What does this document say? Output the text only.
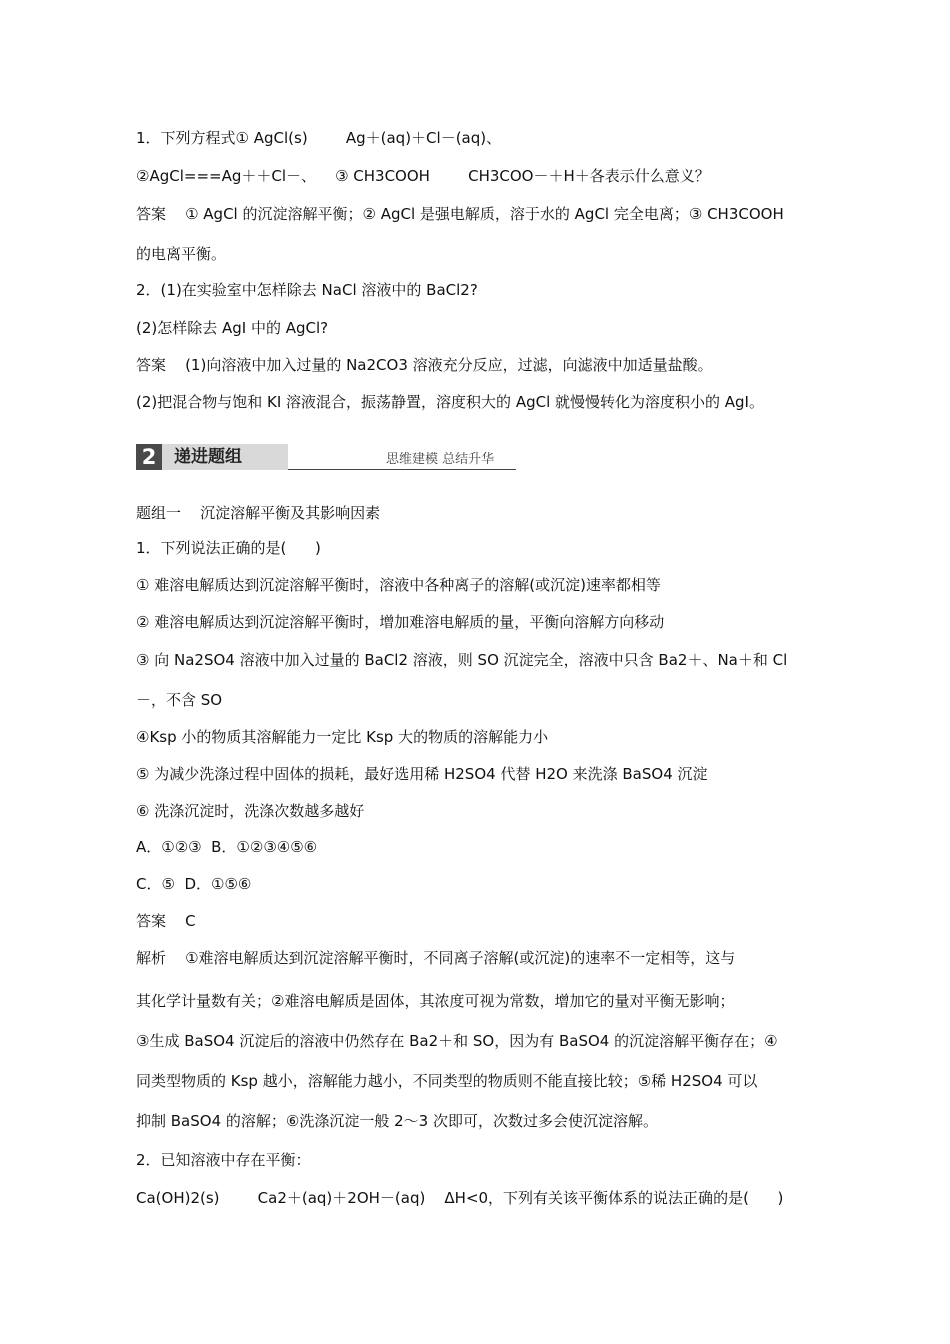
1．下列方程式① AgCl(s)        Ag＋(aq)＋Cl－(aq)、
②AgCl===Ag＋＋Cl－、    ③ CH3COOH        CH3COO－＋H＋各表示什么意义？
答案    ① AgCl 的沉淀溶解平衡；② AgCl 是强电解质，溶于水的 AgCl 完全电离；③ CH3COOH
的电离平衡。
2．(1)在实验室中怎样除去 NaCl 溶液中的 BaCl2?
(2)怎样除去 AgI 中的 AgCl?
答案    (1)向溶液中加入过量的 Na2CO3 溶液充分反应，过滤，向滤液中加适量盐酸。
(2)把混合物与饱和 KI 溶液混合，振荡静置，溶度积大的 AgCl 就慢慢转化为溶度积小的 AgI。
2	递进题组	思维建模 总结升华
题组一    沉淀溶解平衡及其影响因素
1．下列说法正确的是(      )
① 难溶电解质达到沉淀溶解平衡时，溶液中各种离子的溶解(或沉淀)速率都相等
② 难溶电解质达到沉淀溶解平衡时，增加难溶电解质的量，平衡向溶解方向移动
③ 向 Na2SO4 溶液中加入过量的 BaCl2 溶液，则 SO 沉淀完全，溶液中只含 Ba2＋、Na＋和 Cl
－，不含 SO
④Ksp 小的物质其溶解能力一定比 Ksp 大的物质的溶解能力小
⑤ 为减少洗涤过程中固体的损耗，最好选用稀 H2SO4 代替 H2O 来洗涤 BaSO4 沉淀
⑥ 洗涤沉淀时，洗涤次数越多越好
A．①②③  B．①②③④⑤⑥
C．⑤  D．①⑤⑥
答案    C
解析    ①难溶电解质达到沉淀溶解平衡时，不同离子溶解(或沉淀)的速率不一定相等，这与
其化学计量数有关；②难溶电解质是固体，其浓度可视为常数，增加它的量对平衡无影响；
③生成 BaSO4 沉淀后的溶液中仍然存在 Ba2＋和 SO，因为有 BaSO4 的沉淀溶解平衡存在；④
同类型物质的 Ksp 越小，溶解能力越小，不同类型的物质则不能直接比较；⑤稀 H2SO4 可以
抑制 BaSO4 的溶解；⑥洗涤沉淀一般 2～3 次即可，次数过多会使沉淀溶解。
2．已知溶液中存在平衡：
Ca(OH)2(s)        Ca2＋(aq)＋2OH－(aq)    ΔH<0，下列有关该平衡体系的说法正确的是(      )
